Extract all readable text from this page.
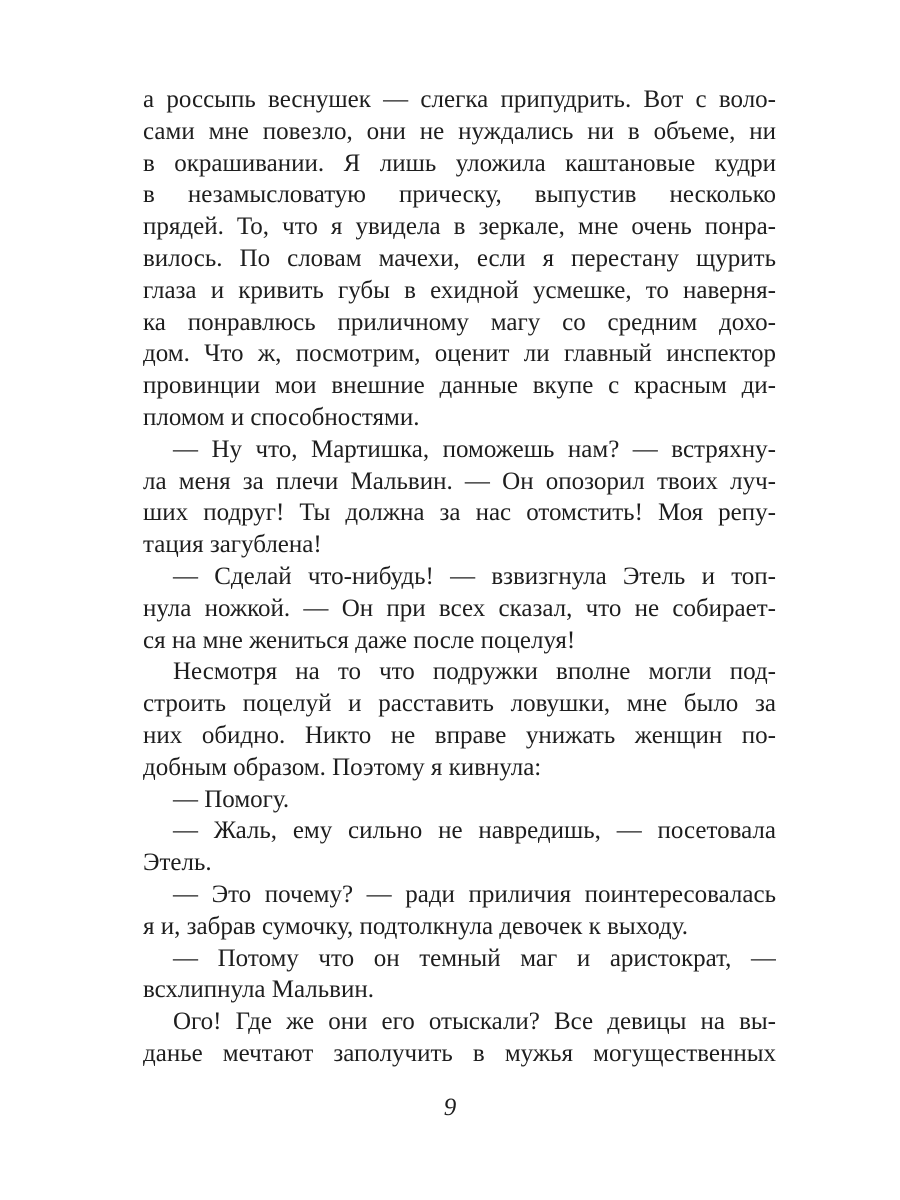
а россыпь веснушек — слегка припудрить. Вот с воло-
сами мне повезло, они не нуждались ни в объеме, ни
в окрашивании. Я лишь уложила каштановые кудри
в незамысловатую прическу, выпустив несколько
прядей. То, что я увидела в зеркале, мне очень понра-
вилось. По словам мачехи, если я перестану щурить
глаза и кривить губы в ехидной усмешке, то наверня-
ка понравлюсь приличному магу со средним дохо-
дом. Что ж, посмотрим, оценит ли главный инспектор
провинции мои внешние данные вкупе с красным ди-
пломом и способностями.
— Ну что, Мартишка, поможешь нам? — встряхну-
ла меня за плечи Мальвин. — Он опозорил твоих луч-
ших подруг! Ты должна за нас отомстить! Моя репу-
тация загублена!
— Сделай что-нибудь! — взвизгнула Этель и топ-
нула ножкой. — Он при всех сказал, что не собирает-
ся на мне жениться даже после поцелуя!
Несмотря на то что подружки вполне могли под-
строить поцелуй и расставить ловушки, мне было за
них обидно. Никто не вправе унижать женщин по-
добным образом. Поэтому я кивнула:
— Помогу.
— Жаль, ему сильно не навредишь, — посетовала
Этель.
— Это почему? — ради приличия поинтересовалась
я и, забрав сумочку, подтолкнула девочек к выходу.
— Потому что он темный маг и аристократ, —
всхлипнула Мальвин.
Ого! Где же они его отыскали? Все девицы на вы-
данье мечтают заполучить в мужья могущественных
9
